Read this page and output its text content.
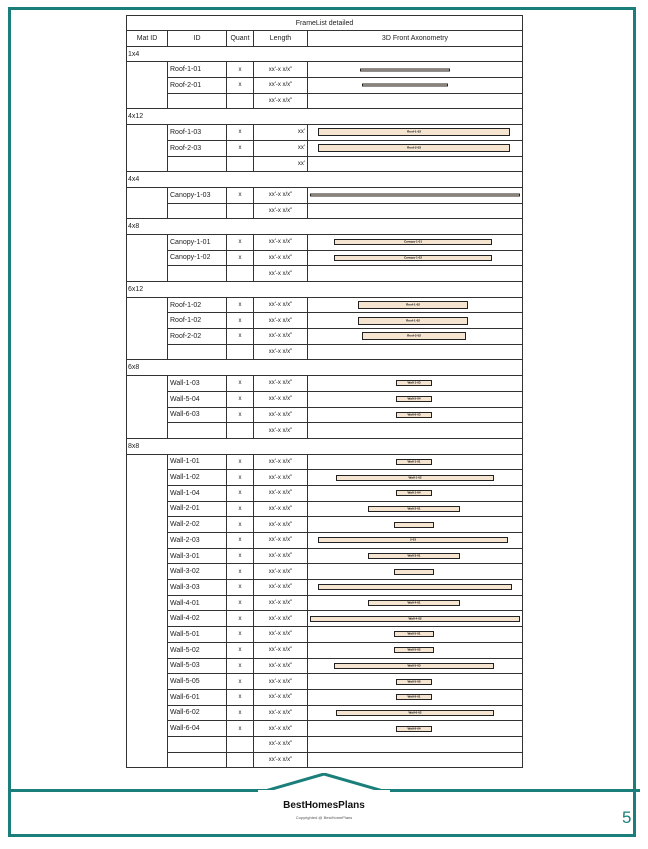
FrameList detailed				
Mat ID	ID	Quant	Length	3D Front Axonometry
1x4				
	Roof-1-01	x	xx'-x x/x"	

	Roof-2-01	x	xx'-x x/x"	

			xx'-x x/x"	
4x12				
	Roof-1-03	x	xx'	Roof-1-03

	Roof-2-03	x	xx'	Roof-2-03

			xx'	
4x4				
	Canopy-1-03	x	xx'-x x/x"	

			xx'-x x/x"	
4x8				
	Canopy-1-01	x	xx'-x x/x"	Canopy-1-01

	Canopy-1-02	x	xx'-x x/x"	Canopy-1-02

			xx'-x x/x"	
6x12				
	Roof-1-02	x	xx'-x x/x"	Roof-1-02

	Roof-1-02	x	xx'-x x/x"	Roof-1-02

	Roof-2-02	x	xx'-x x/x"	Roof-2-02

			xx'-x x/x"	
6x8				
	Wall-1-03	x	xx'-x x/x"	Wall-1-03

	Wall-5-04	x	xx'-x x/x"	Wall-5-04

	Wall-6-03	x	xx'-x x/x"	Wall-6-03

			xx'-x x/x"	
8x8				
	Wall-1-01	x	xx'-x x/x"	Wall-1-01

	Wall-1-02	x	xx'-x x/x"	Wall-1-02

	Wall-1-04	x	xx'-x x/x"	Wall-1-04

	Wall-2-01	x	xx'-x x/x"	Wall-2-01

	Wall-2-02	x	xx'-x x/x"	

	Wall-2-03	x	xx'-x x/x"	2-03

	Wall-3-01	x	xx'-x x/x"	Wall-3-01

	Wall-3-02	x	xx'-x x/x"	

	Wall-3-03	x	xx'-x x/x"	

	Wall-4-01	x	xx'-x x/x"	Wall-4-01

	Wall-4-02	x	xx'-x x/x"	Wall-4-02

	Wall-5-01	x	xx'-x x/x"	Wall-5-01

	Wall-5-02	x	xx'-x x/x"	Wall-5-02

	Wall-5-03	x	xx'-x x/x"	Wall-5-03

	Wall-5-05	x	xx'-x x/x"	Wall-5-05

	Wall-6-01	x	xx'-x x/x"	Wall-6-01

	Wall-6-02	x	xx'-x x/x"	Wall-6-02

	Wall-6-04	x	xx'-x x/x"	Wall-6-04

			xx'-x x/x"	
			xx'-x x/x"	
BestHomesPlans
Copyrighted @ BestHomePlans	5
